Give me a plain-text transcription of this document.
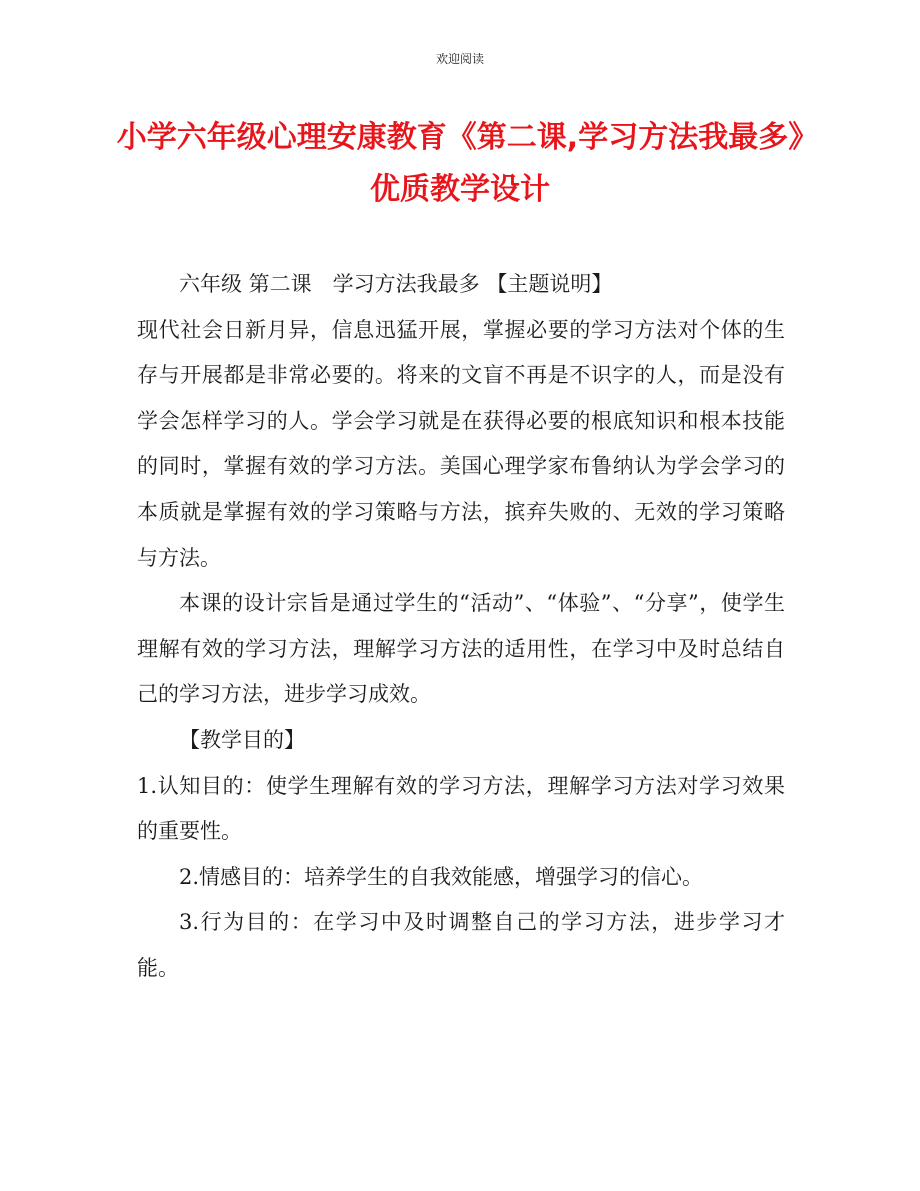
欢迎阅读
小学六年级心理安康教育《第二课,学习方法我最多》优质教学设计

六年级 第二课　学习方法我最多 【主题说明】

现代社会日新月异，信息迅猛开展，掌握必要的学习方法对个体的生存与开展都是非常必要的。将来的文盲不再是不识字的人，而是没有学会怎样学习的人。学会学习就是在获得必要的根底知识和根本技能的同时，掌握有效的学习方法。美国心理学家布鲁纳认为学会学习的本质就是掌握有效的学习策略与方法，摈弃失败的、无效的学习策略与方法。

本课的设计宗旨是通过学生的“活动”、“体验”、“分享”，使学生理解有效的学习方法，理解学习方法的适用性，在学习中及时总结自己的学习方法，进步学习成效。

【教学目的】

1.认知目的：使学生理解有效的学习方法，理解学习方法对学习效果的重要性。

2.情感目的：培养学生的自我效能感，增强学习的信心。

3.行为目的：在学习中及时调整自己的学习方法，进步学习才能。
